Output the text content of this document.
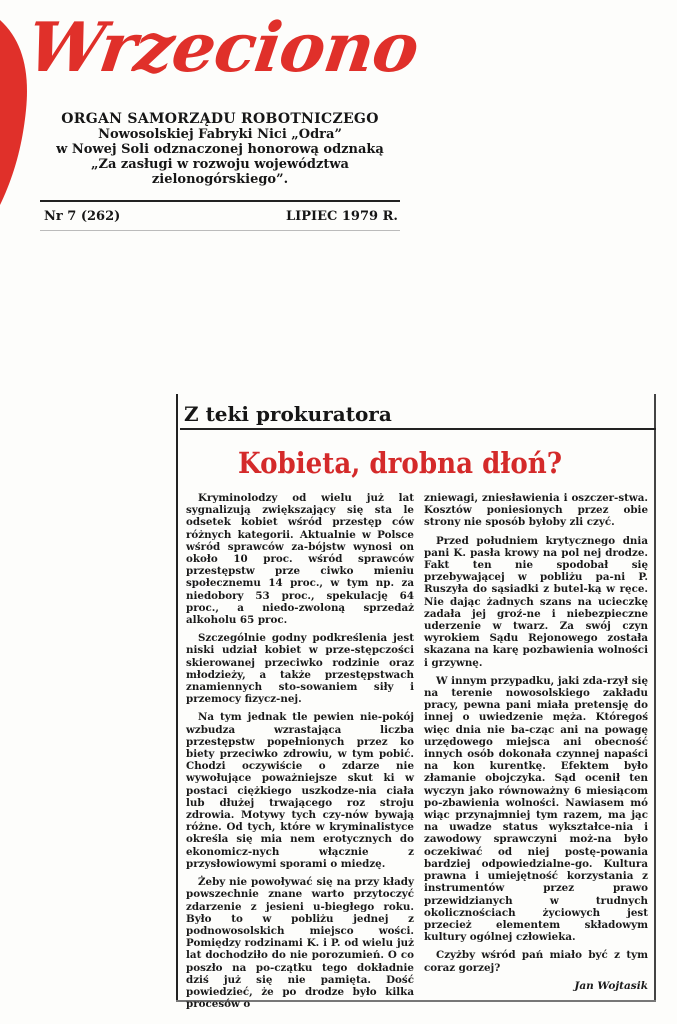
Wrzeciono
ORGAN SAMORZĄDU ROBOTNICZEGO
Nowosolskiej Fabryki Nici „Odra”
w Nowej Soli odznaczonej honorową odznaką
„Za zasługi w rozwoju województwa
zielonogórskiego”.
Nr 7 (262)	LIPIEC 1979 R.
Z teki prokuratora
Kobieta, drobna dłoń?

Kryminolodzy od wielu już lat sygnalizują zwiększający się sta le odsetek kobiet wśród przestęp ców różnych kategorii. Aktualnie w Polsce wśród sprawców za-bójstw wynosi on około 10 proc. wśród sprawców przestępstw prze ciwko mieniu społecznemu 14 proc., w tym np. za niedobory 53 proc., spekulację 64 proc., a niedo-zwoloną sprzedaż alkoholu 65 proc.

Szczególnie godny podkreślenia jest niski udział kobiet w prze-stępczości skierowanej przeciwko rodzinie oraz młodzieży, a także przestępstwach znamiennych sto-sowaniem siły i przemocy fizycz-nej.

Na tym jednak tle pewien nie-pokój wzbudza wzrastająca liczba przestępstw popełnionych przez ko biety przeciwko zdrowiu, w tym pobić. Chodzi oczywiście o zdarze nie wywołujące poważniejsze skut ki w postaci ciężkiego uszkodze-nia ciała lub dłużej trwającego roz stroju zdrowia. Motywy tych czy-nów bywają różne. Od tych, które w kryminalistyce określa się mia nem erotycznych do ekonomicz-nych włącznie z przysłowiowymi sporami o miedzę.

Żeby nie powoływać się na przy kłady powszechnie znane warto przytoczyć zdarzenie z jesieni u-biegłego roku. Było to w pobliżu jednej z podnowosolskich miejsco wości. Pomiędzy rodzinami K. i P. od wielu już lat dochodziło do nie porozumień. O co poszło na po-czątku tego dokładnie dziś już się nie pamięta. Dość powiedzieć, że po drodze było kilka procesów o

zniewagi, zniesławienia i oszczer-stwa. Kosztów poniesionych przez obie strony nie sposób byłoby zli czyć.

Przed południem krytycznego dnia pani K. pasła krowy na pol nej drodze. Fakt ten nie spodobał się przebywającej w pobliżu pa-ni P. Ruszyła do sąsiadki z butel-ką w ręce. Nie dając żadnych szans na ucieczkę zadała jej groź-ne i niebezpieczne uderzenie w twarz. Za swój czyn wyrokiem Sądu Rejonowego została skazana na karę pozbawienia wolności i grzywnę.

W innym przypadku, jaki zda-rzył się na terenie nowosolskiego zakładu pracy, pewna pani miała pretensję do innej o uwiedzenie męża. Któregoś więc dnia nie ba-cząc ani na powagę urzędowego miejsca ani obecność innych osób dokonała czynnej napaści na kon kurentkę. Efektem było złamanie obojczyka. Sąd ocenił ten wyczyn jako równoważny 6 miesiącom po-zbawienia wolności. Nawiasem mó wiąc przynajmniej tym razem, ma jąc na uwadze status wykształce-nia i zawodowy sprawczyni moż-na było oczekiwać od niej postę-powania bardziej odpowiedzialne-go. Kultura prawna i umiejętność korzystania z instrumentów przez prawo przewidzianych w trudnych okolicznościach życiowych jest przecież elementem składowym kultury ogólnej człowieka.

Czyżby wśród pań miało być z tym coraz gorzej?

Jan Wojtasik
